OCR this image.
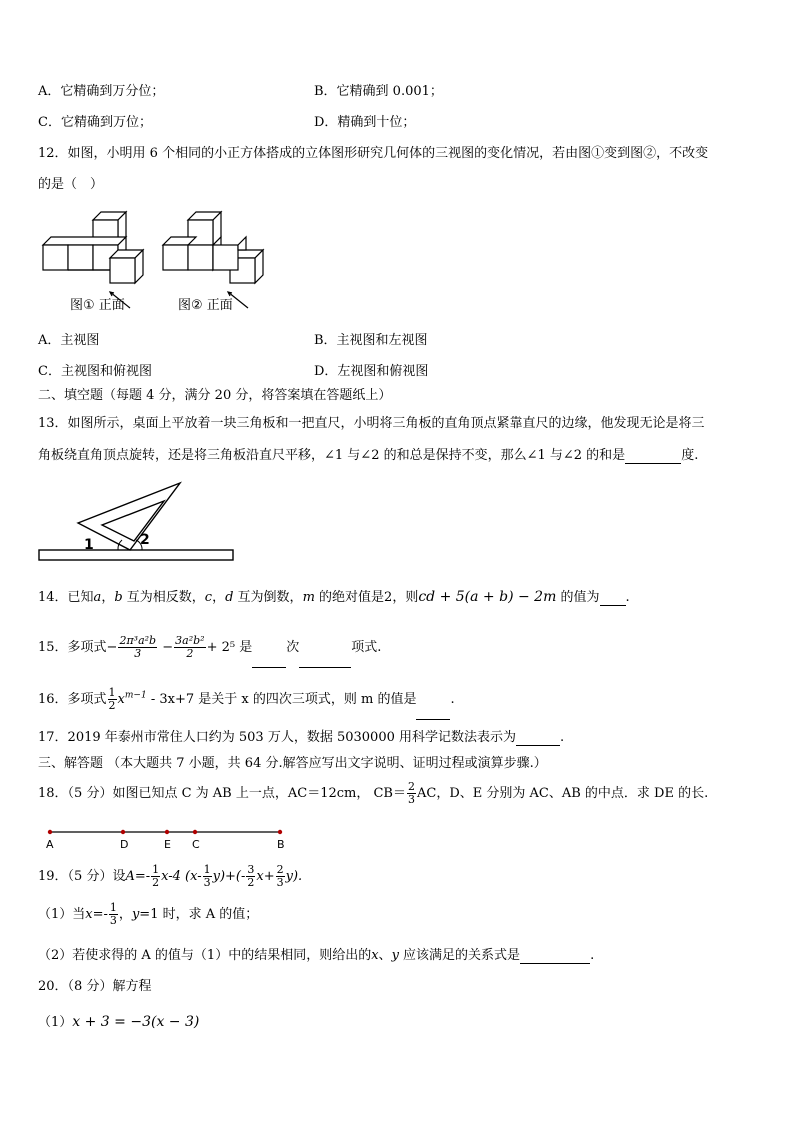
A．它精确到万分位；	B．它精确到 0.001；
C．它精确到万位；	D．精确到十位；
12．如图，小明用 6 个相同的小正方体搭成的立体图形研究几何体的三视图的变化情况，若由图①变到图②，不改变
的是（　）
图① 正面	图② 正面
A．主视图	B．主视图和左视图
C．主视图和俯视图	D．左视图和俯视图
二、填空题（每题 4 分，满分 20 分，将答案填在答题纸上）
13．如图所示，桌面上平放着一块三角板和一把直尺，小明将三角板的直角顶点紧靠直尺的边缘，他发现无论是将三
角板绕直角顶点旋转，还是将三角板沿直尺平移，∠1 与∠2 的和总是保持不变，那么∠1 与∠2 的和是	度.
1	2
14．已知a，b 互为相反数，c，d 互为倒数，m 的绝对值是2，则cd + 5(a + b) − 2m 的值为 .
15．多项式− $\frac{\text{2π³a²b}}{3} - \frac{\text{3a²b²}}{2} + 2^5$ 是	次	项式.
16．多项式 $\frac{1}{2} x^{m-1} - 3x+7$ 是关于 x 的四次三项式，则 m 的值是	.
17．2019 年泰州市常住人口约为 503 万人，数据 5030000 用科学记数法表示为	.
三、解答题 （本大题共 7 小题，共 64 分.解答应写出文字说明、证明过程或演算步骤.）
18．（5 分）如图已知点 C 为 AB 上一点，AC＝12cm， $CB= \frac{2}{3}$ AC，D、E 分别为 AC、AB 的中点．求 DE 的长.
A	D	E C	B
19．（5 分）设$A=- \frac{1}{2} x-4$ $(x- \frac{1}{3} y)+(- \frac{3}{2} x+ \frac{2}{3} y)$.
（1）当$x=- \frac{1}{3}$ ，y=1 时，求 A 的值；
（2）若使求得的 A 的值与（1）中的结果相同，则给出的x、y 应该满足的关系式是	.
20．（8 分）解方程
（1）x + 3 = −3(x − 3)
